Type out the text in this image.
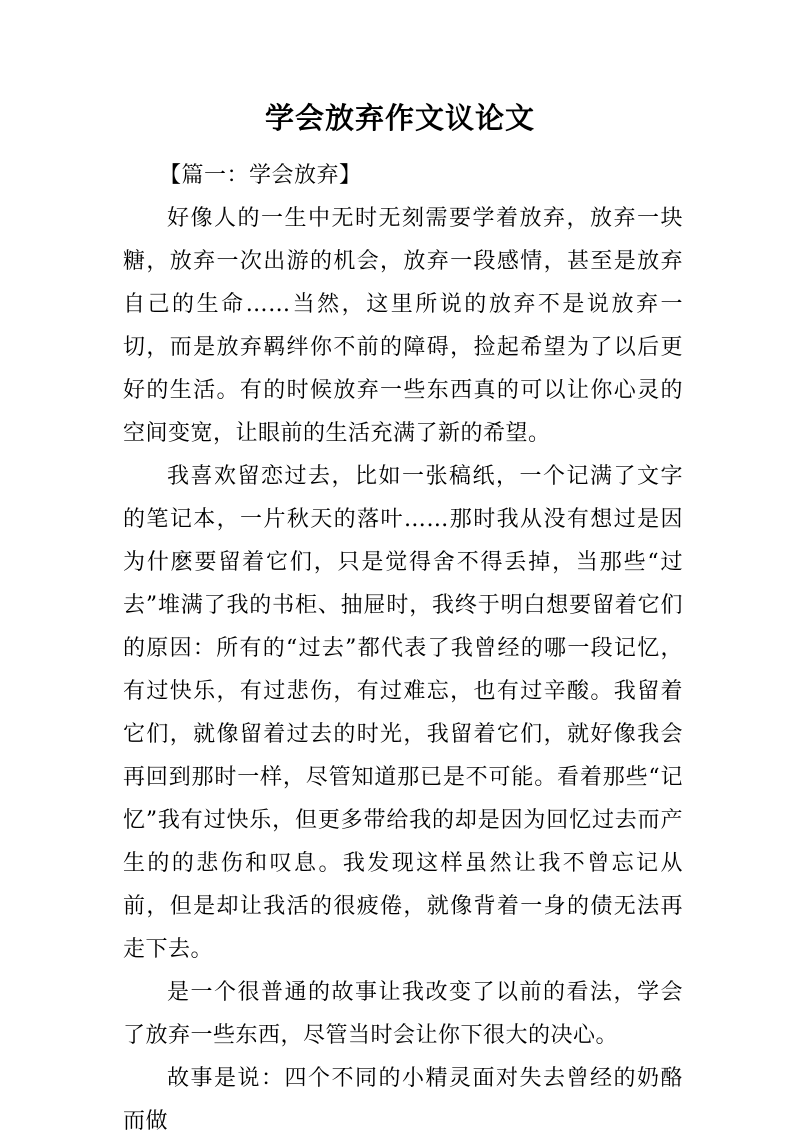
学会放弃作文议论文

【篇一：学会放弃】

好像人的一生中无时无刻需要学着放弃，放弃一块糖，放弃一次出游的机会，放弃一段感情，甚至是放弃自己的生命……当然，这里所说的放弃不是说放弃一切，而是放弃羁绊你不前的障碍，捡起希望为了以后更好的生活。有的时候放弃一些东西真的可以让你心灵的空间变宽，让眼前的生活充满了新的希望。

我喜欢留恋过去，比如一张稿纸，一个记满了文字的笔记本，一片秋天的落叶……那时我从没有想过是因为什麽要留着它们，只是觉得舍不得丢掉，当那些“过去”堆满了我的书柜、抽屉时，我终于明白想要留着它们的原因：所有的“过去”都代表了我曾经的哪一段记忆，有过快乐，有过悲伤，有过难忘，也有过辛酸。我留着它们，就像留着过去的时光，我留着它们，就好像我会再回到那时一样，尽管知道那已是不可能。看着那些“记忆”我有过快乐，但更多带给我的却是因为回忆过去而产生的的悲伤和叹息。我发现这样虽然让我不曾忘记从前，但是却让我活的很疲倦，就像背着一身的债无法再走下去。

是一个很普通的故事让我改变了以前的看法，学会了放弃一些东西，尽管当时会让你下很大的决心。

故事是说：四个不同的小精灵面对失去曾经的奶酪而做
